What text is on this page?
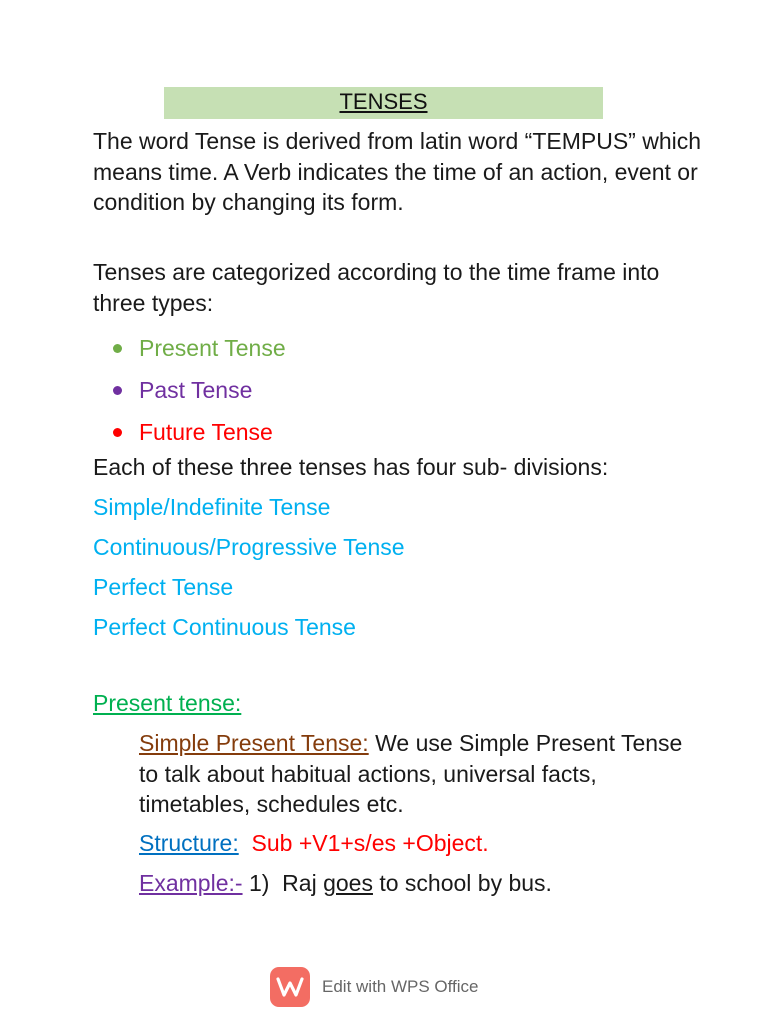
TENSES
The word Tense is derived from latin word “TEMPUS” which means time. A Verb indicates the time of an action, event or condition by changing its form.
Tenses are categorized according to the time frame into three types:
Present Tense
Past Tense
Future Tense
Each of these three tenses has four sub- divisions:
Simple/Indefinite Tense
Continuous/Progressive Tense
Perfect Tense
Perfect Continuous Tense
Present tense:
Simple Present Tense: We use Simple Present Tense to talk about habitual actions, universal facts, timetables, schedules etc.
Structure: Sub +V1+s/es +Object.
Example:- 1) Raj goes to school by bus.
Edit with WPS Office
